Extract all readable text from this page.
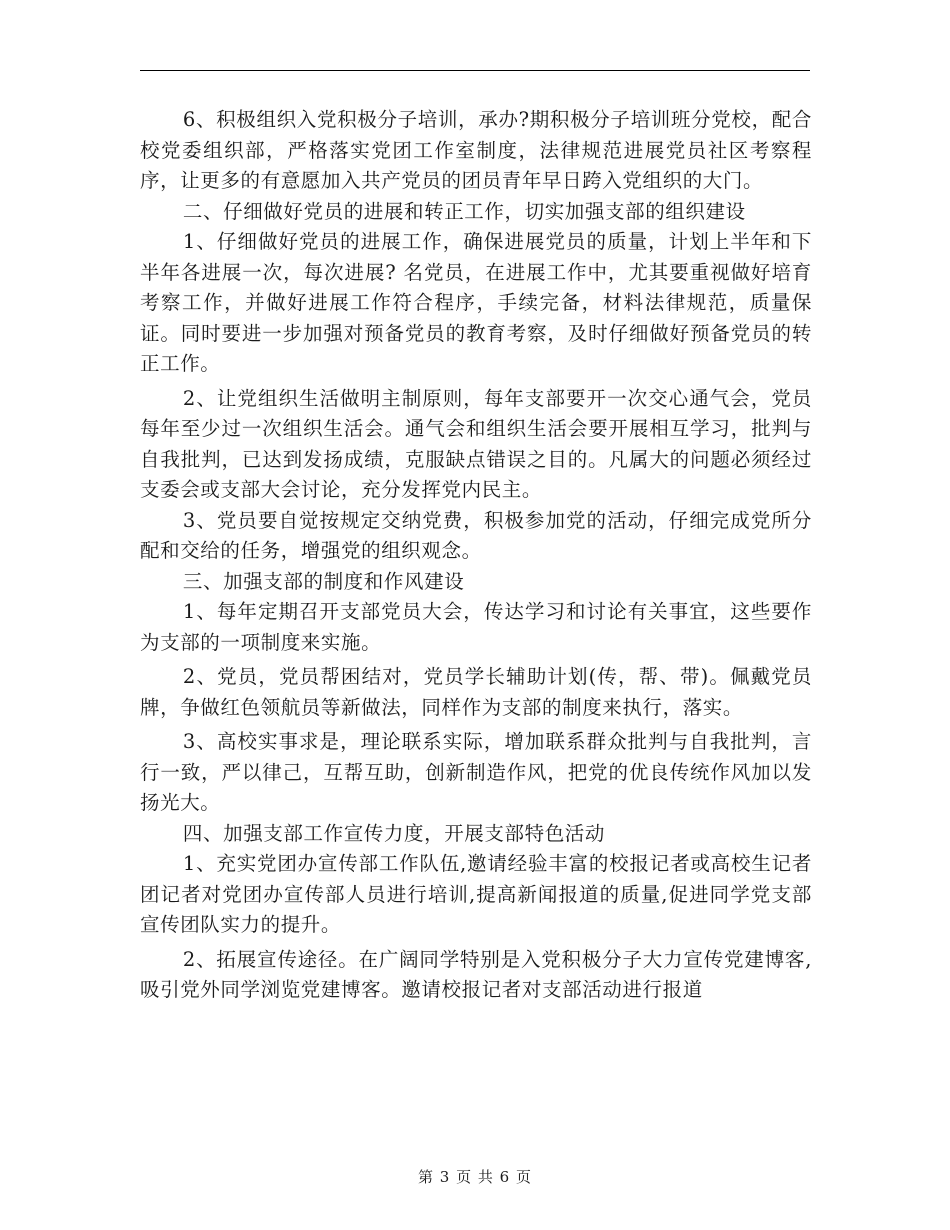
6、积极组织入党积极分子培训，承办?期积极分子培训班分党校，配合校党委组织部，严格落实党团工作室制度，法律规范进展党员社区考察程序，让更多的有意愿加入共产党员的团员青年早日跨入党组织的大门。

二、仔细做好党员的进展和转正工作，切实加强支部的组织建设

1、仔细做好党员的进展工作，确保进展党员的质量，计划上半年和下半年各进展一次，每次进展? 名党员，在进展工作中，尤其要重视做好培育考察工作，并做好进展工作符合程序，手续完备，材料法律规范，质量保证。同时要进一步加强对预备党员的教育考察，及时仔细做好预备党员的转正工作。

2、让党组织生活做明主制原则，每年支部要开一次交心通气会，党员每年至少过一次组织生活会。通气会和组织生活会要开展相互学习，批判与自我批判，已达到发扬成绩，克服缺点错误之目的。凡属大的问题必须经过支委会或支部大会讨论，充分发挥党内民主。

3、党员要自觉按规定交纳党费，积极参加党的活动，仔细完成党所分配和交给的任务，增强党的组织观念。

三、加强支部的制度和作风建设

1、每年定期召开支部党员大会，传达学习和讨论有关事宜，这些要作为支部的一项制度来实施。

2、党员，党员帮困结对，党员学长辅助计划(传，帮、带)。佩戴党员牌，争做红色领航员等新做法，同样作为支部的制度来执行，落实。

3、高校实事求是，理论联系实际，增加联系群众批判与自我批判，言行一致，严以律己，互帮互助，创新制造作风，把党的优良传统作风加以发扬光大。

四、加强支部工作宣传力度，开展支部特色活动

1、充实党团办宣传部工作队伍,邀请经验丰富的校报记者或高校生记者团记者对党团办宣传部人员进行培训,提高新闻报道的质量,促进同学党支部宣传团队实力的提升。

2、拓展宣传途径。在广阔同学特别是入党积极分子大力宣传党建博客,吸引党外同学浏览党建博客。邀请校报记者对支部活动进行报道

第 3 页 共 6 页
